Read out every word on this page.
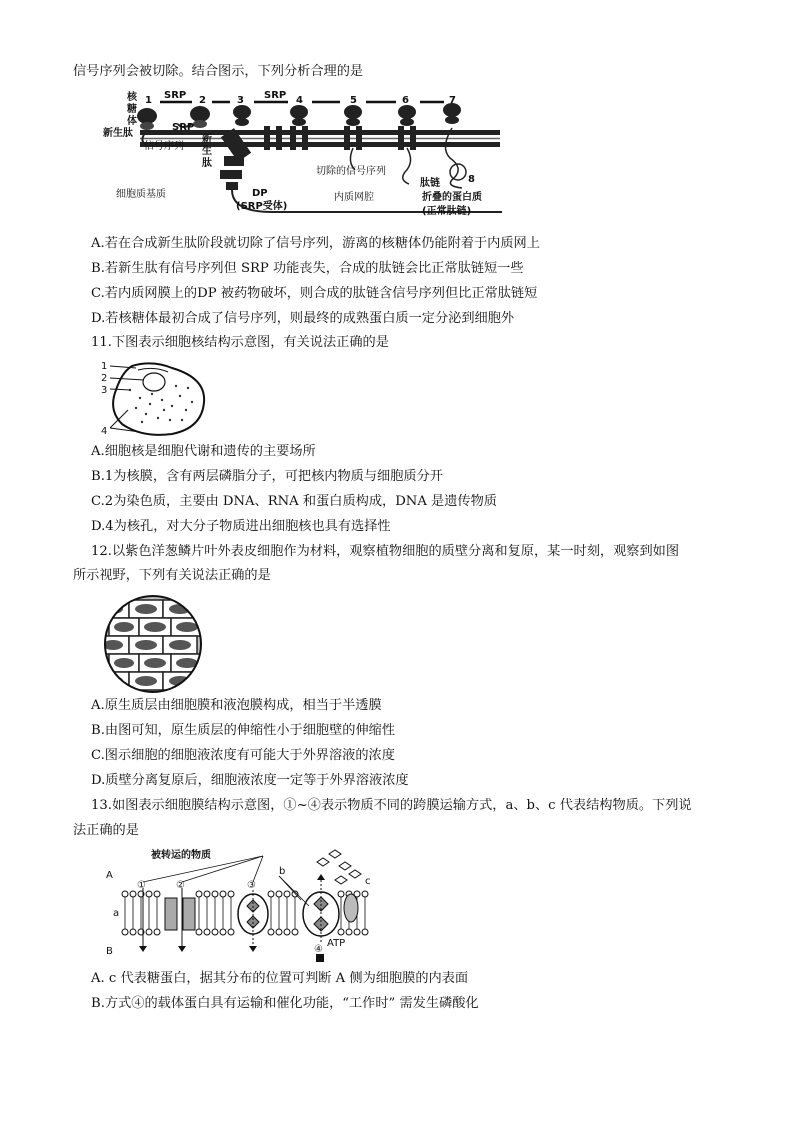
信号序列会被切除。结合图示，下列分析合理的是
1	2	3	4	5	6	7
8
SRP	SRP
SRP
核
糖
体
新生肽
信号序列
新
生
肽
DP
(SRP受体)
切除的信号序列
肽链
细胞质基质	内质网腔	折叠的蛋白质
(正常肽链)
A.若在合成新生肽阶段就切除了信号序列，游离的核糖体仍能附着于内质网上
B.若新生肽有信号序列但 SRP 功能丧失，合成的肽链会比正常肽链短一些
C.若内质网膜上的DP 被药物破坏，则合成的肽链含信号序列但比正常肽链短
D.若核糖体最初合成了信号序列，则最终的成熟蛋白质一定分泌到细胞外
11.下图表示细胞核结构示意图，有关说法正确的是
1
2
3
4
A.细胞核是细胞代谢和遗传的主要场所
B.1为核膜，含有两层磷脂分子，可把核内物质与细胞质分开
C.2为染色质，主要由 DNA、RNA 和蛋白质构成，DNA 是遗传物质
D.4为核孔，对大分子物质进出细胞核也具有选择性
12.以紫色洋葱鳞片叶外表皮细胞作为材料，观察植物细胞的质壁分离和复原，某一时刻，观察到如图
所示视野，下列有关说法正确的是
A.原生质层由细胞膜和液泡膜构成，相当于半透膜
B.由图可知，原生质层的伸缩性小于细胞壁的伸缩性
C.图示细胞的细胞液浓度有可能大于外界溶液的浓度
D.质壁分离复原后，细胞液浓度一定等于外界溶液浓度
13.如图表示细胞膜结构示意图，①~④表示物质不同的跨膜运输方式，a、b、c 代表结构物质。下列说
法正确的是
被转运的物质
A
B
a
b
c
①	②	③
④
ATP
A. c 代表糖蛋白，据其分布的位置可判断 A 侧为细胞膜的内表面
B.方式④的载体蛋白具有运输和催化功能，“工作时” 需发生磷酸化
